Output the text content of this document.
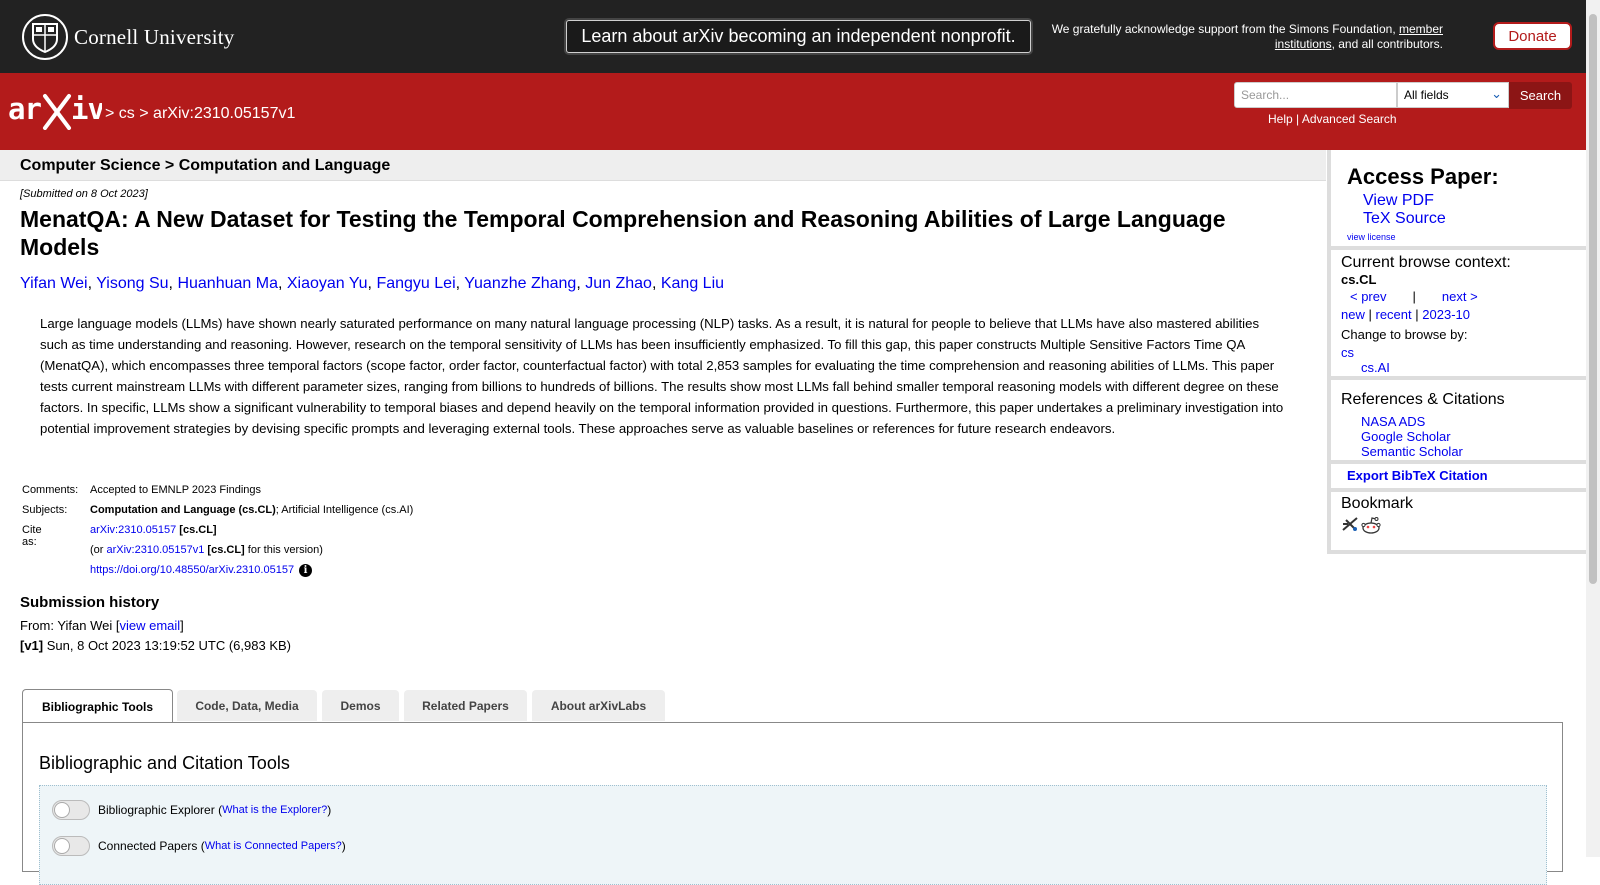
Cornell University	Learn about arXiv becoming an independent nonprofit.	We gratefully acknowledge support from the Simons Foundation, member institutions, and all contributors.	Donate
ar iv > cs > arXiv:2310.05157v1
Search...	All fields	⌄	Search
Help | Advanced Search
Computer Science > Computation and Language
[Submitted on 8 Oct 2023]
MenatQA: A New Dataset for Testing the Temporal Comprehension and Reasoning Abilities of Large Language Models
Yifan Wei, Yisong Su, Huanhuan Ma, Xiaoyan Yu, Fangyu Lei, Yuanzhe Zhang, Jun Zhao, Kang Liu

Large language models (LLMs) have shown nearly saturated performance on many natural language processing (NLP) tasks. As a result, it is natural for people to believe that LLMs have also mastered abilities such as time understanding and reasoning. However, research on the temporal sensitivity of LLMs has been insufficiently emphasized. To fill this gap, this paper constructs Multiple Sensitive Factors Time QA (MenatQA), which encompasses three temporal factors (scope factor, order factor, counterfactual factor) with total 2,853 samples for evaluating the time comprehension and reasoning abilities of LLMs. This paper tests current mainstream LLMs with different parameter sizes, ranging from billions to hundreds of billions. The results show most LLMs fall behind smaller temporal reasoning models with different degree on these factors. In specific, LLMs show a significant vulnerability to temporal biases and depend heavily on the temporal information provided in questions. Furthermore, this paper undertakes a preliminary investigation into potential improvement strategies by devising specific prompts and leveraging external tools. These approaches serve as valuable baselines or references for future research endeavors.

Comments: Accepted to EMNLP 2023 Findings
Subjects: Computation and Language (cs.CL); Artificial Intelligence (cs.AI)
Cite as:
arXiv:2310.05157 [cs.CL]
(or arXiv:2310.05157v1 [cs.CL] for this version)
https://doi.org/10.48550/arXiv.2310.05157 i
Submission history
From: Yifan Wei [view email]
[v1] Sun, 8 Oct 2023 13:19:52 UTC (6,983 KB)
Bibliographic Tools	Code, Data, Media	Demos	Related Papers	About arXivLabs
Bibliographic and Citation Tools
Bibliographic Explorer
( What is the Explorer? )
Connected Papers
( What is Connected Papers? )
Access Paper:
View PDF
TeX Source
view license
Current browse context:
cs.CL
< prev | next >
new | recent | 2023-10
Change to browse by:
cs
cs.AI
References & Citations
NASA ADS
Google Scholar
Semantic Scholar
Export BibTeX Citation
Bookmark
